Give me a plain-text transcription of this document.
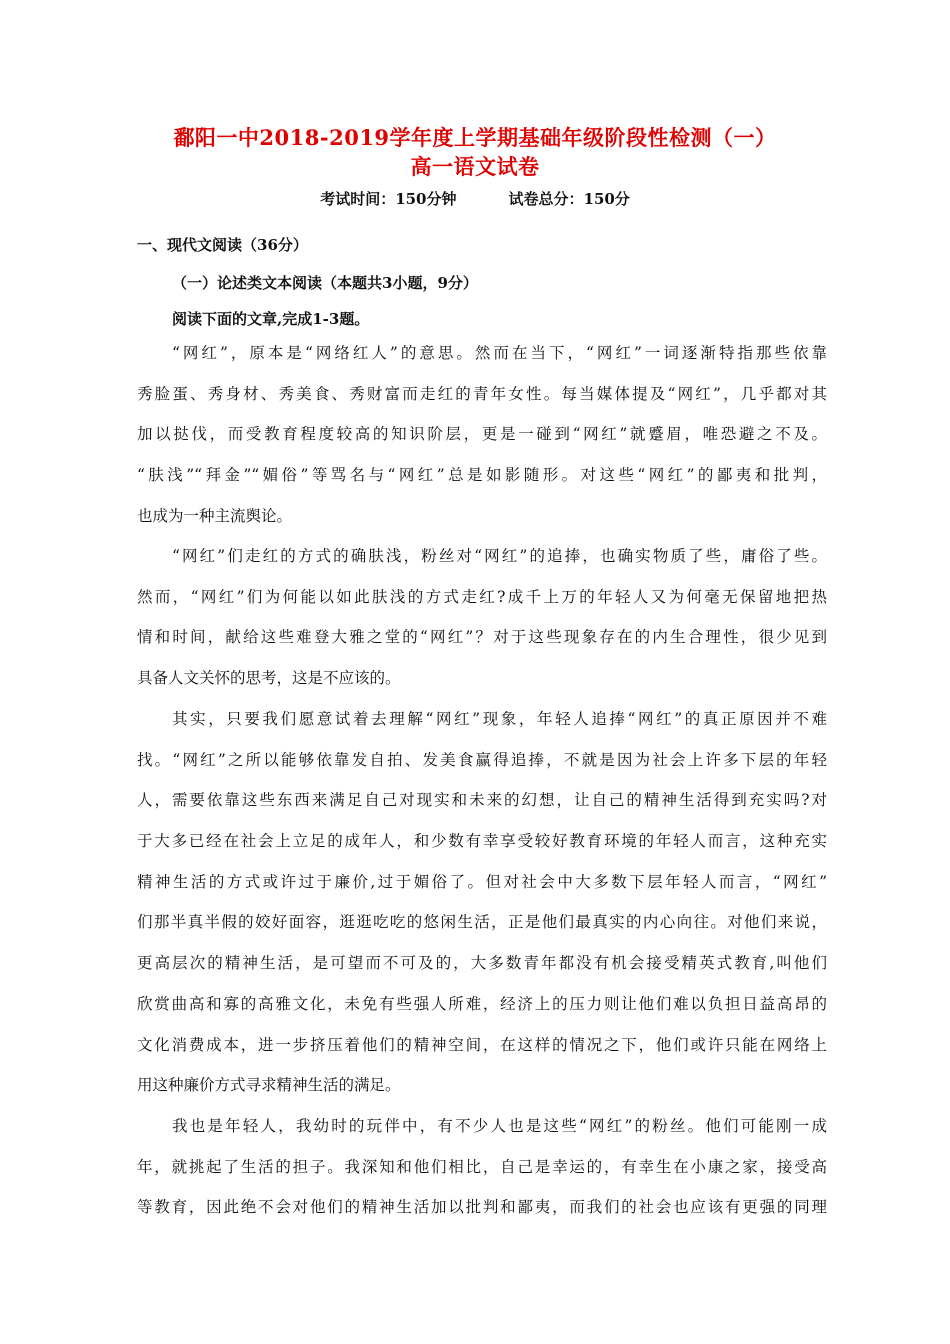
鄱阳一中2018-2019学年度上学期基础年级阶段性检测（一）
高一语文试卷
考试时间：150分钟	试卷总分：150分
一、现代文阅读（36分）
（一）论述类文本阅读（本题共3小题，9分）
阅读下面的文章,完成1-3题。
“网红”，原本是“网络红人”的意思。然而在当下，“网红”一词逐渐特指那些依靠
秀脸蛋、秀身材、秀美食、秀财富而走红的青年女性。每当媒体提及“网红”，几乎都对其
加以挞伐，而受教育程度较高的知识阶层，更是一碰到“网红”就蹙眉，唯恐避之不及。
“肤浅”“拜金”“媚俗”等骂名与“网红”总是如影随形。对这些“网红”的鄙夷和批判，
也成为一种主流舆论。
“网红”们走红的方式的确肤浅，粉丝对“网红”的追捧，也确实物质了些，庸俗了些。
然而，“网红”们为何能以如此肤浅的方式走红?成千上万的年轻人又为何毫无保留地把热
情和时间，献给这些难登大雅之堂的“网红”？对于这些现象存在的内生合理性，很少见到
具备人文关怀的思考，这是不应该的。
其实，只要我们愿意试着去理解“网红”现象，年轻人追捧“网红”的真正原因并不难
找。“网红”之所以能够依靠发自拍、发美食赢得追捧，不就是因为社会上许多下层的年轻
人，需要依靠这些东西来满足自己对现实和未来的幻想，让自己的精神生活得到充实吗?对
于大多已经在社会上立足的成年人，和少数有幸享受较好教育环境的年轻人而言，这种充实
精神生活的方式或许过于廉价,过于媚俗了。但对社会中大多数下层年轻人而言，“网红”
们那半真半假的姣好面容，逛逛吃吃的悠闲生活，正是他们最真实的内心向往。对他们来说，
更高层次的精神生活，是可望而不可及的，大多数青年都没有机会接受精英式教育,叫他们
欣赏曲高和寡的高雅文化，未免有些强人所难，经济上的压力则让他们难以负担日益高昂的
文化消费成本，进一步挤压着他们的精神空间，在这样的情况之下，他们或许只能在网络上
用这种廉价方式寻求精神生活的满足。
我也是年轻人，我幼时的玩伴中，有不少人也是这些“网红”的粉丝。他们可能刚一成
年，就挑起了生活的担子。我深知和他们相比，自己是幸运的，有幸生在小康之家，接受高
等教育，因此绝不会对他们的精神生活加以批判和鄙夷，而我们的社会也应该有更强的同理
